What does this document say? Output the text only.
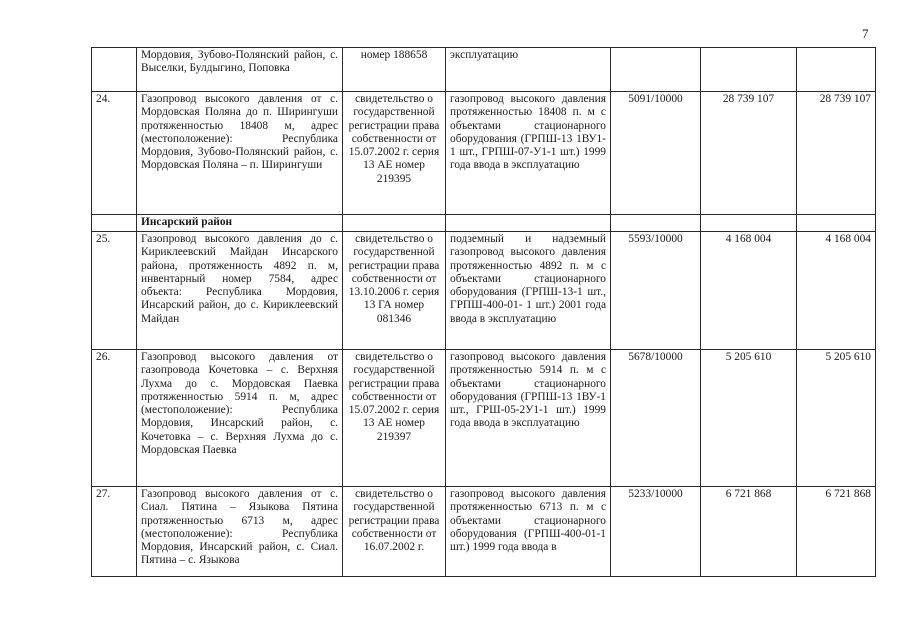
7
	Мордовия, Зубово-Полянский район, с. Выселки, Булдыгино, Поповка	номер 188658	эксплуатацию			
24.	Газопровод высокого давления от с. Мордовская Поляна до п. Ширингуши протяженностью 18408 м, адрес (местоположение): Республика Мордовия, Зубово-Полянский район, с. Мордовская Поляна – п. Ширингуши	свидетельство о государственной регистрации права собственности от 15.07.2002 г. серия 13 АЕ номер 219395	газопровод высокого давления протяженностью 18408 п. м с объектами стационарного оборудования (ГРПШ-13 1ВУ1-1 шт., ГРПШ-07-У1-1 шт.) 1999 года ввода в эксплуатацию	5091/10000	28 739 107	28 739 107
	Инсарский район					
25.	Газопровод высокого давления до с. Кириклеевский Майдан Инсарского района, протяженность 4892 п. м, инвентарный номер 7584, адрес объекта: Республика Мордовия, Инсарский район, до с. Кириклеевский Майдан	свидетельство о государственной регистрации права собственности от 13.10.2006 г. серия 13 ГА номер 081346	подземный и надземный газопровод высокого давления протяженностью 4892 п. м с объектами стационарного оборудования (ГРПШ-13-1 шт., ГРПШ-400-01- 1 шт.) 2001 года ввода в эксплуатацию	5593/10000	4 168 004	4 168 004
26.	Газопровод высокого давления от газопровода Кочетовка – с. Верхняя Лухма до с. Мордовская Паевка протяженностью 5914 п. м, адрес (местоположение): Республика Мордовия, Инсарский район, с. Кочетовка – с. Верхняя Лухма до с. Мордовская Паевка	свидетельство о государственной регистрации права собственности от 15.07.2002 г. серия 13 АЕ номер 219397	газопровод высокого давления протяженностью 5914 п. м с объектами стационарного оборудования (ГРПШ-13 1ВУ-1 шт., ГРШ-05-2У1-1 шт.) 1999 года ввода в эксплуатацию	5678/10000	5 205 610	5 205 610
27.	Газопровод высокого давления от с. Сиал. Пятина – Языкова Пятина протяженностью 6713 м, адрес (местоположение): Республика Мордовия, Инсарский район, с. Сиал. Пятина – с. Языкова	свидетельство о государственной регистрации права собственности от 16.07.2002 г.	газопровод высокого давления протяженностью 6713 п. м с объектами стационарного оборудования (ГРПШ-400-01-1 шт.) 1999 года ввода в	5233/10000	6 721 868	6 721 868
